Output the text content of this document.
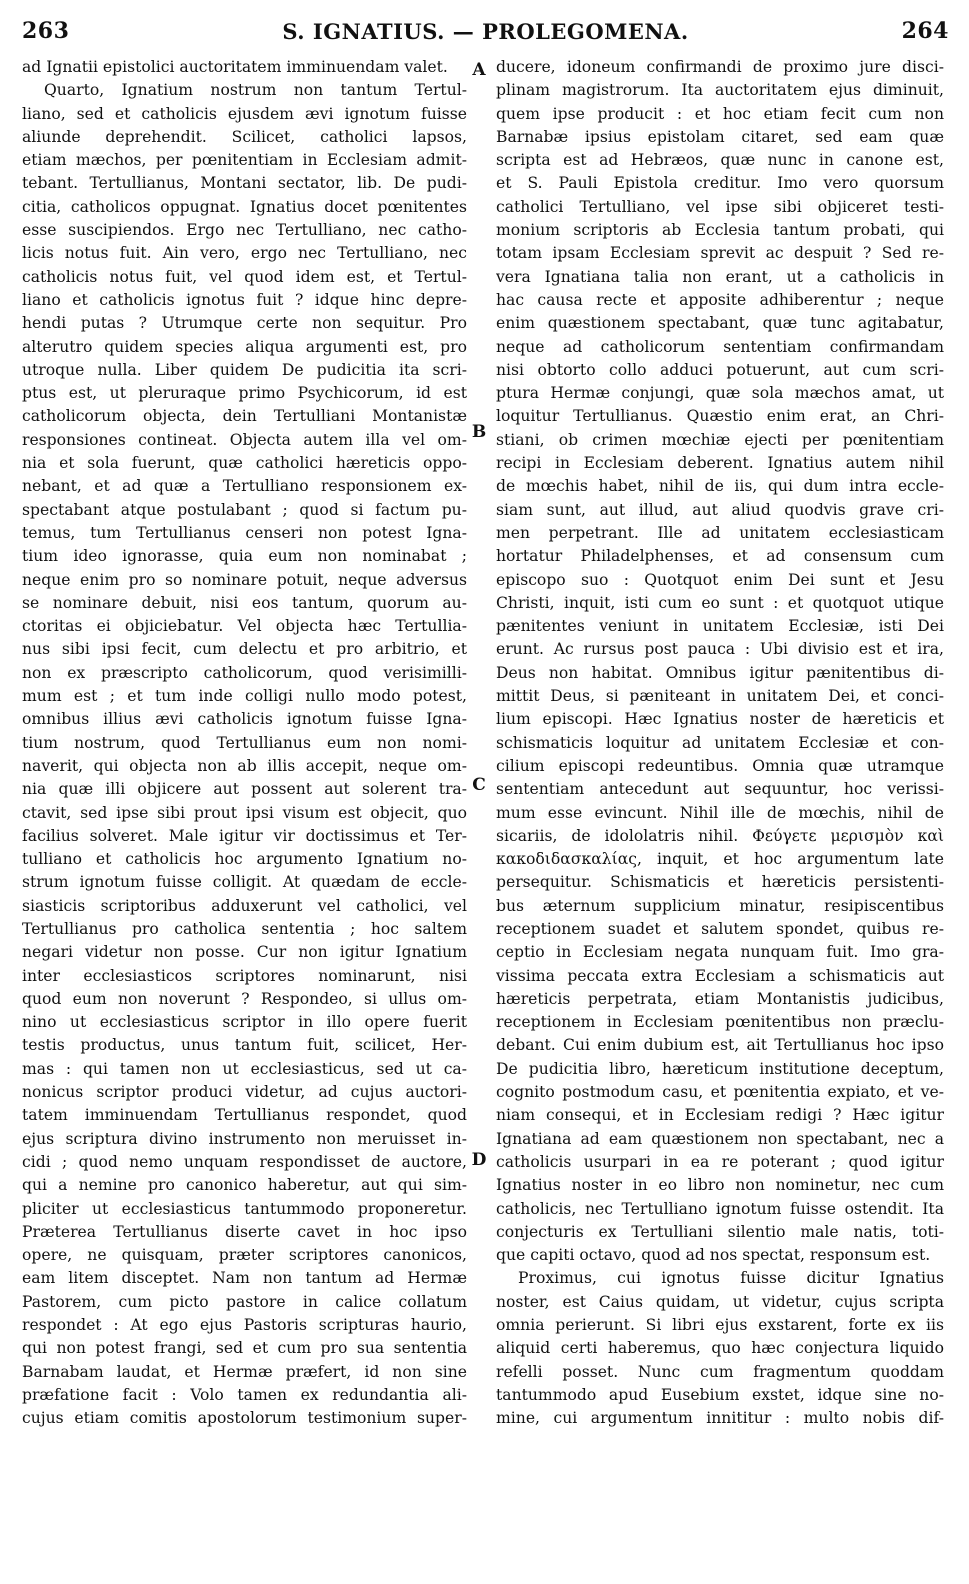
263	S. IGNATIUS. — PROLEGOMENA.	264
ad Ignatii epistolici auctoritatem imminuendam valet.
Quarto, Ignatium nostrum non tantum Tertul-
liano, sed et catholicis ejusdem ævi ignotum fuisse
aliunde deprehendit. Scilicet, catholici lapsos,
etiam mæchos, per pœnitentiam in Ecclesiam admit-
tebant. Tertullianus, Montani sectator, lib. De pudi-
citia, catholicos oppugnat. Ignatius docet pœnitentes
esse suscipiendos. Ergo nec Tertulliano, nec catho-
licis notus fuit. Ain vero, ergo nec Tertulliano, nec
catholicis notus fuit, vel quod idem est, et Tertul-
liano et catholicis ignotus fuit ? idque hinc depre-
hendi putas ? Utrumque certe non sequitur. Pro
alterutro quidem species aliqua argumenti est, pro
utroque nulla. Liber quidem De pudicitia ita scri-
ptus est, ut pleruraque primo Psychicorum, id est
catholicorum objecta, dein Tertulliani Montanistæ
responsiones contineat. Objecta autem illa vel om-
nia et sola fuerunt, quæ catholici hæreticis oppo-
nebant, et ad quæ a Tertulliano responsionem ex-
spectabant atque postulabant ; quod si factum pu-
temus, tum Tertullianus censeri non potest Igna-
tium ideo ignorasse, quia eum non nominabat ;
neque enim pro so nominare potuit, neque adversus
se nominare debuit, nisi eos tantum, quorum au-
ctoritas ei objiciebatur. Vel objecta hæc Tertullia-
nus sibi ipsi fecit, cum delectu et pro arbitrio, et
non ex præscripto catholicorum, quod verisimilli-
mum est ; et tum inde colligi nullo modo potest,
omnibus illius ævi catholicis ignotum fuisse Igna-
tium nostrum, quod Tertullianus eum non nomi-
naverit, qui objecta non ab illis accepit, neque om-
nia quæ illi objicere aut possent aut solerent tra-
ctavit, sed ipse sibi prout ipsi visum est objecit, quo
facilius solveret. Male igitur vir doctissimus et Ter-
tulliano et catholicis hoc argumento Ignatium no-
strum ignotum fuisse colligit. At quædam de eccle-
siasticis scriptoribus adduxerunt vel catholici, vel
Tertullianus pro catholica sententia ; hoc saltem
negari videtur non posse. Cur non igitur Ignatium
inter ecclesiasticos scriptores nominarunt, nisi
quod eum non noverunt ? Respondeo, si ullus om-
nino ut ecclesiasticus scriptor in illo opere fuerit
testis productus, unus tantum fuit, scilicet, Her-
mas : qui tamen non ut ecclesiasticus, sed ut ca-
nonicus scriptor produci videtur, ad cujus auctori-
tatem imminuendam Tertullianus respondet, quod
ejus scriptura divino instrumento non meruisset in-
cidi ; quod nemo unquam respondisset de auctore,
qui a nemine pro canonico haberetur, aut qui sim-
pliciter ut ecclesiasticus tantummodo proponeretur.
Præterea Tertullianus diserte cavet in hoc ipso
opere, ne quisquam, præter scriptores canonicos,
eam litem disceptet. Nam non tantum ad Hermæ
Pastorem, cum picto pastore in calice collatum
respondet : At ego ejus Pastoris scripturas haurio,
qui non potest frangi, sed et cum pro sua sententia
Barnabam laudat, et Hermæ præfert, id non sine
præfatione facit : Volo tamen ex redundantia ali-
cujus etiam comitis apostolorum testimonium super-
ducere, idoneum confirmandi de proximo jure disci-
plinam magistrorum. Ita auctoritatem ejus diminuit,
quem ipse producit : et hoc etiam fecit cum non
Barnabæ ipsius epistolam citaret, sed eam quæ
scripta est ad Hebræos, quæ nunc in canone est,
et S. Pauli Epistola creditur. Imo vero quorsum
catholici Tertulliano, vel ipse sibi objiceret testi-
monium scriptoris ab Ecclesia tantum probati, qui
totam ipsam Ecclesiam sprevit ac despuit ? Sed re-
vera Ignatiana talia non erant, ut a catholicis in
hac causa recte et apposite adhiberentur ; neque
enim quæstionem spectabant, quæ tunc agitabatur,
neque ad catholicorum sententiam confirmandam
nisi obtorto collo adduci potuerunt, aut cum scri-
ptura Hermæ conjungi, quæ sola mæchos amat, ut
loquitur Tertullianus. Quæstio enim erat, an Chri-
stiani, ob crimen mœchiæ ejecti per pœnitentiam
recipi in Ecclesiam deberent. Ignatius autem nihil
de mœchis habet, nihil de iis, qui dum intra eccle-
siam sunt, aut illud, aut aliud quodvis grave cri-
men perpetrant. Ille ad unitatem ecclesiasticam
hortatur Philadelphenses, et ad consensum cum
episcopo suo : Quotquot enim Dei sunt et Jesu
Christi, inquit, isti cum eo sunt : et quotquot utique
pænitentes veniunt in unitatem Ecclesiæ, isti Dei
erunt. Ac rursus post pauca : Ubi divisio est et ira,
Deus non habitat. Omnibus igitur pænitentibus di-
mittit Deus, si pæniteant in unitatem Dei, et conci-
lium episcopi. Hæc Ignatius noster de hæreticis et
schismaticis loquitur ad unitatem Ecclesiæ et con-
cilium episcopi redeuntibus. Omnia quæ utramque
sententiam antecedunt aut sequuntur, hoc verissi-
mum esse evincunt. Nihil ille de mœchis, nihil de
sicariis, de idololatris nihil. Φεύγετε μερισμὸν καὶ
κακοδιδασκαλίας, inquit, et hoc argumentum late
persequitur. Schismaticis et hæreticis persistenti-
bus æternum supplicium minatur, resipiscentibus
receptionem suadet et salutem spondet, quibus re-
ceptio in Ecclesiam negata nunquam fuit. Imo gra-
vissima peccata extra Ecclesiam a schismaticis aut
hæreticis perpetrata, etiam Montanistis judicibus,
receptionem in Ecclesiam pœnitentibus non præclu-
debant. Cui enim dubium est, ait Tertullianus hoc ipso
De pudicitia libro, hæreticum institutione deceptum,
cognito postmodum casu, et pœnitentia expiato, et ve-
niam consequi, et in Ecclesiam redigi ? Hæc igitur
Ignatiana ad eam quæstionem non spectabant, nec a
catholicis usurpari in ea re poterant ; quod igitur
Ignatius noster in eo libro non nominetur, nec cum
catholicis, nec Tertulliano ignotum fuisse ostendit. Ita
conjecturis ex Tertulliani silentio male natis, toti-
que capiti octavo, quod ad nos spectat, responsum est.
Proximus, cui ignotus fuisse dicitur Ignatius
noster, est Caius quidam, ut videtur, cujus scripta
omnia perierunt. Si libri ejus exstarent, forte ex iis
aliquid certi haberemus, quo hæc conjectura liquido
refelli posset. Nunc cum fragmentum quoddam
tantummodo apud Eusebium exstet, idque sine no-
mine, cui argumentum innititur : multo nobis dif-
A
B
C
D
